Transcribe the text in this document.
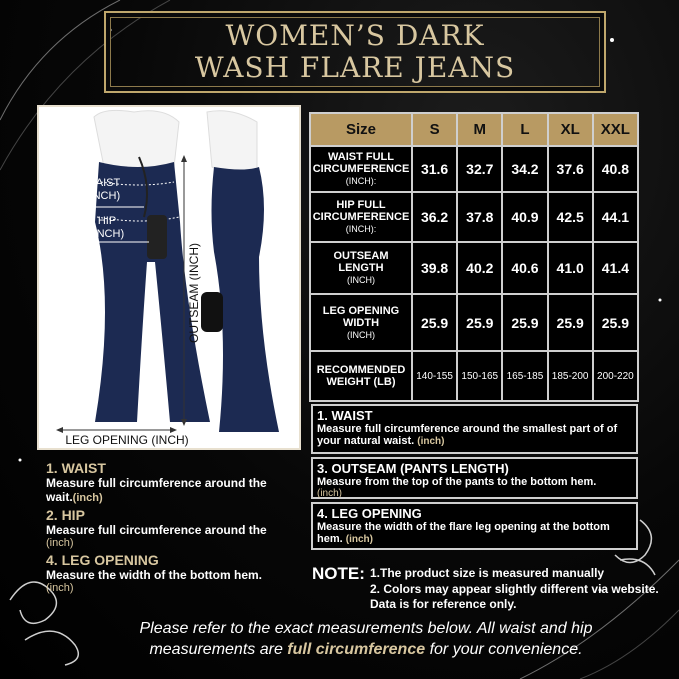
WOMEN’S DARK
WASH FLARE JEANS
WAIST
(INCH)
HIP
(INCH)
OUTSEAM (INCH)
LEG OPENING (INCH)
1. WAIST
Measure full circumference around the wait.(inch)
2. HIP
Measure full circumference around the
(inch)
4. LEG OPENING
Measure the width of the bottom hem.
(inch)
Size	S	M	L	XL	XXL
WAIST FULL CIRCUMFERENCE
(INCH):	31.6	32.7	34.2	37.6	40.8
HIP FULL CIRCUMFERENCE
(INCH):	36.2	37.8	40.9	42.5	44.1
OUTSEAM LENGTH
(INCH)	39.8	40.2	40.6	41.0	41.4
LEG OPENING WIDTH
(INCH)	25.9	25.9	25.9	25.9	25.9
RECOMMENDED WEIGHT (LB)	140-155	150-165	165-185	185-200	200-220
1. WAIST
Measure full circumference around the smallest part of of your natural waist. (inch)
3. OUTSEAM (PANTS LENGTH)
Measure from the top of the pants to the bottom hem.
(inch)
4. LEG OPENING
Measure the width of the flare leg opening at the bottom hem. (inch)
NOTE: 1.The product size is measured manually
2. Colors may appear slightly different via website.
Data is for reference only.
Please refer to the exact measurements below. All waist and hip
measurements are full circumference for your convenience.
